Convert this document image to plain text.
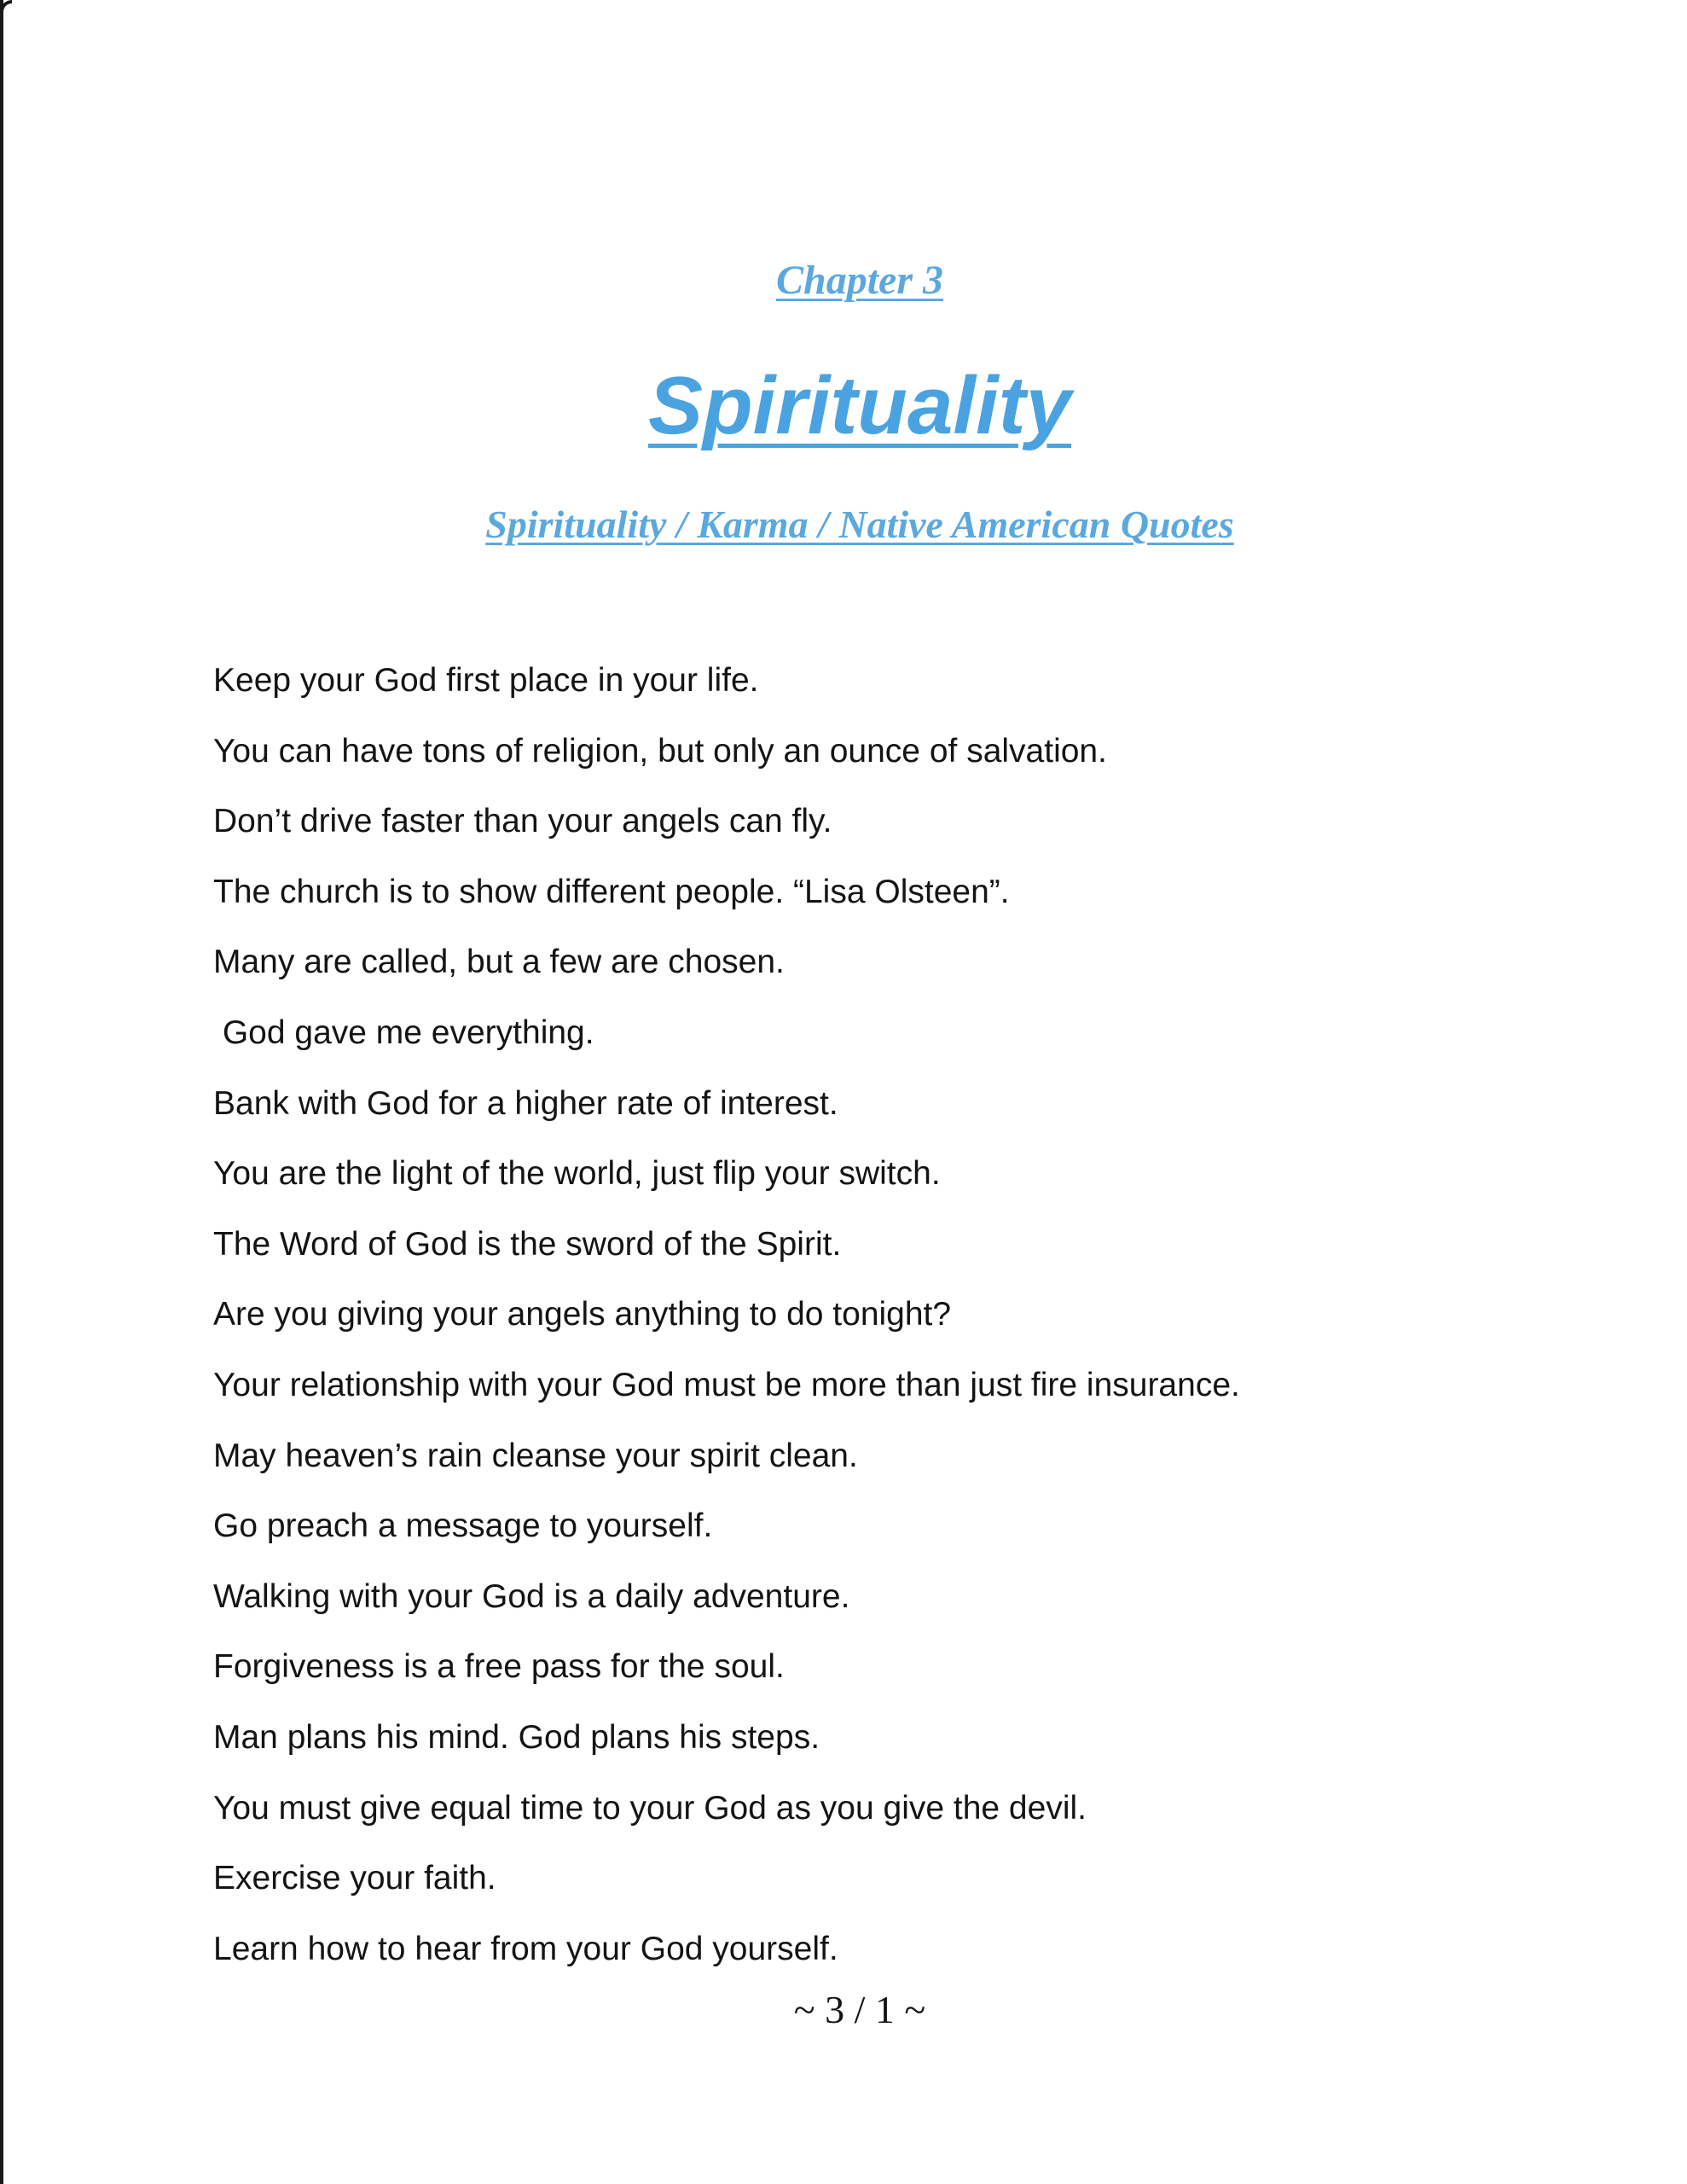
Chapter 3
Spirituality
Spirituality / Karma / Native American Quotes
Keep your God first place in your life.
You can have tons of religion, but only an ounce of salvation.
Don’t drive faster than your angels can fly.
The church is to show different people. “Lisa Olsteen”.
Many are called, but a few are chosen.
God gave me everything.
Bank with God for a higher rate of interest.
You are the light of the world, just flip your switch.
The Word of God is the sword of the Spirit.
Are you giving your angels anything to do tonight?
Your relationship with your God must be more than just fire insurance.
May heaven’s rain cleanse your spirit clean.
Go preach a message to yourself.
Walking with your God is a daily adventure.
Forgiveness is a free pass for the soul.
Man plans his mind. God plans his steps.
You must give equal time to your God as you give the devil.
Exercise your faith.
Learn how to hear from your God yourself.
~ 3 / 1 ~
